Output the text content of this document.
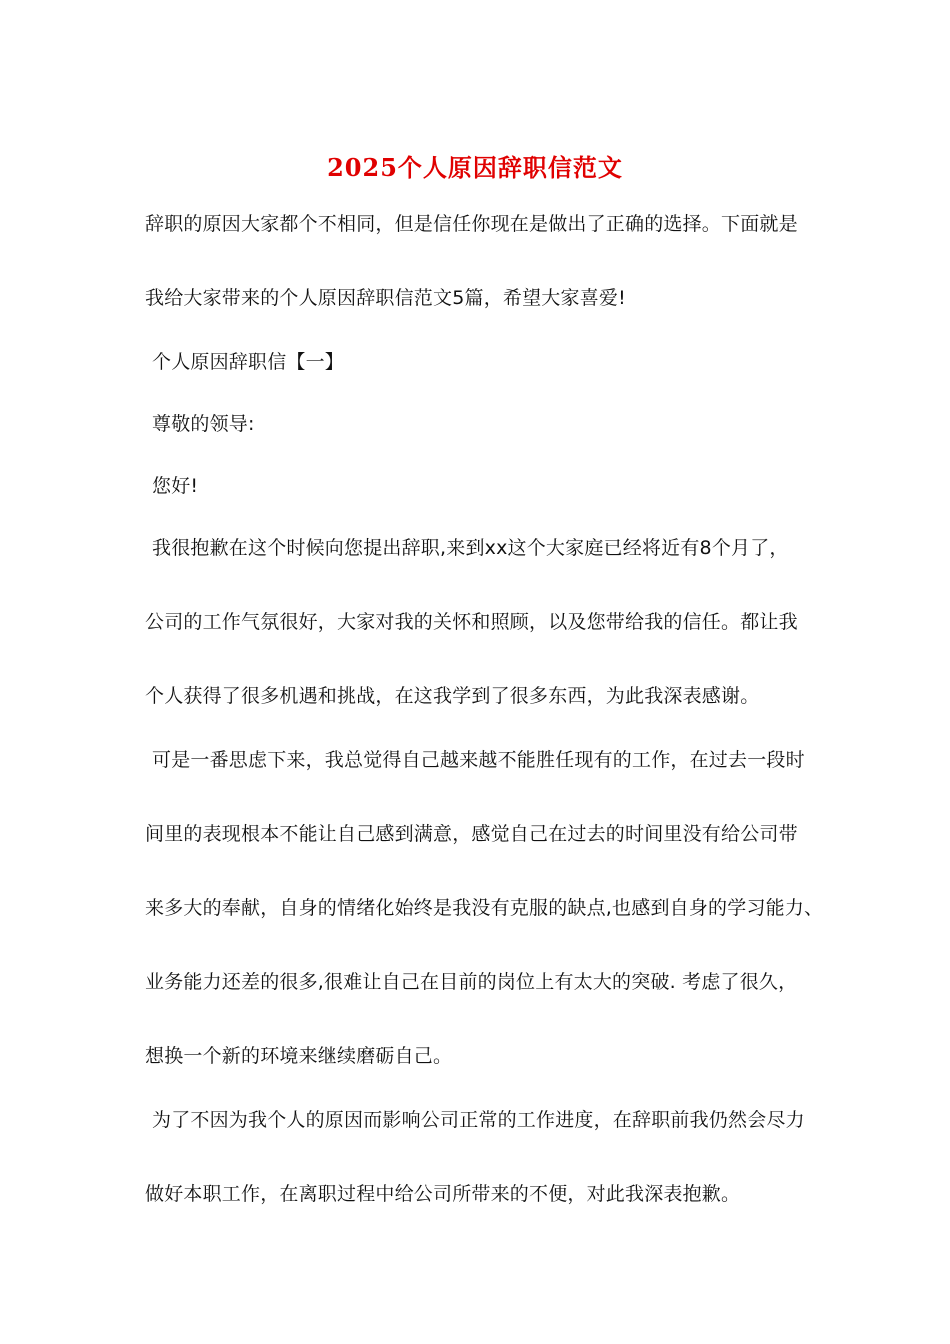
2025个人原因辞职信范文
辞职的原因大家都个不相同，但是信任你现在是做出了正确的选择。下面就是
我给大家带来的个人原因辞职信范文5篇，希望大家喜爱!
个人原因辞职信【一】
尊敬的领导:
您好!
我很抱歉在这个时候向您提出辞职,来到xx这个大家庭已经将近有8个月了，
公司的工作气氛很好，大家对我的关怀和照顾，以及您带给我的信任。都让我
个人获得了很多机遇和挑战，在这我学到了很多东西，为此我深表感谢。
可是一番思虑下来，我总觉得自己越来越不能胜任现有的工作，在过去一段时
间里的表现根本不能让自己感到满意，感觉自己在过去的时间里没有给公司带
来多大的奉献，自身的情绪化始终是我没有克服的缺点,也感到自身的学习能力、
业务能力还差的很多,很难让自己在目前的岗位上有太大的突破. 考虑了很久，
想换一个新的环境来继续磨砺自己。
为了不因为我个人的原因而影响公司正常的工作进度，在辞职前我仍然会尽力
做好本职工作，在离职过程中给公司所带来的不便，对此我深表抱歉。
